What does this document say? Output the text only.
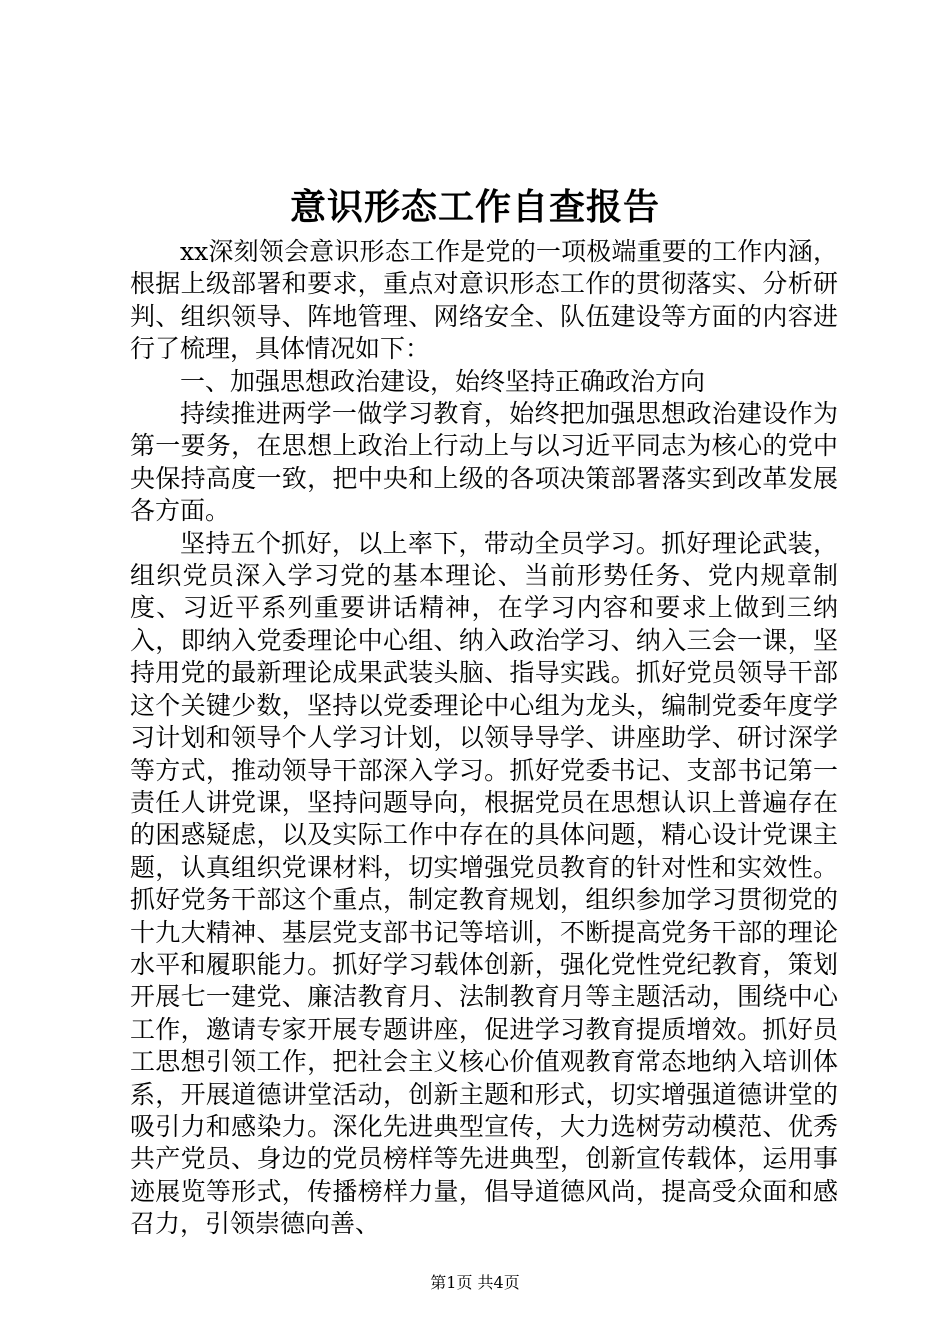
意识形态工作自查报告

xx深刻领会意识形态工作是党的一项极端重要的工作内涵，根据上级部署和要求，重点对意识形态工作的贯彻落实、分析研判、组织领导、阵地管理、网络安全、队伍建设等方面的内容进行了梳理，具体情况如下：

一、加强思想政治建设，始终坚持正确政治方向

持续推进两学一做学习教育，始终把加强思想政治建设作为第一要务，在思想上政治上行动上与以习近平同志为核心的党中央保持高度一致，把中央和上级的各项决策部署落实到改革发展各方面。

坚持五个抓好，以上率下，带动全员学习。抓好理论武装，组织党员深入学习党的基本理论、当前形势任务、党内规章制度、习近平系列重要讲话精神，在学习内容和要求上做到三纳入，即纳入党委理论中心组、纳入政治学习、纳入三会一课，坚持用党的最新理论成果武装头脑、指导实践。抓好党员领导干部这个关键少数，坚持以党委理论中心组为龙头，编制党委年度学习计划和领导个人学习计划，以领导导学、讲座助学、研讨深学等方式，推动领导干部深入学习。抓好党委书记、支部书记第一责任人讲党课，坚持问题导向，根据党员在思想认识上普遍存在的困惑疑虑，以及实际工作中存在的具体问题，精心设计党课主题，认真组织党课材料，切实增强党员教育的针对性和实效性。抓好党务干部这个重点，制定教育规划，组织参加学习贯彻党的十九大精神、基层党支部书记等培训，不断提高党务干部的理论水平和履职能力。抓好学习载体创新，强化党性党纪教育，策划开展七一建党、廉洁教育月、法制教育月等主题活动，围绕中心工作，邀请专家开展专题讲座，促进学习教育提质增效。抓好员工思想引领工作，把社会主义核心价值观教育常态地纳入培训体系，开展道德讲堂活动，创新主题和形式，切实增强道德讲堂的吸引力和感染力。深化先进典型宣传，大力选树劳动模范、优秀共产党员、身边的党员榜样等先进典型，创新宣传载体，运用事迹展览等形式，传播榜样力量，倡导道德风尚，提高受众面和感召力，引领崇德向善、

第1页 共4页
